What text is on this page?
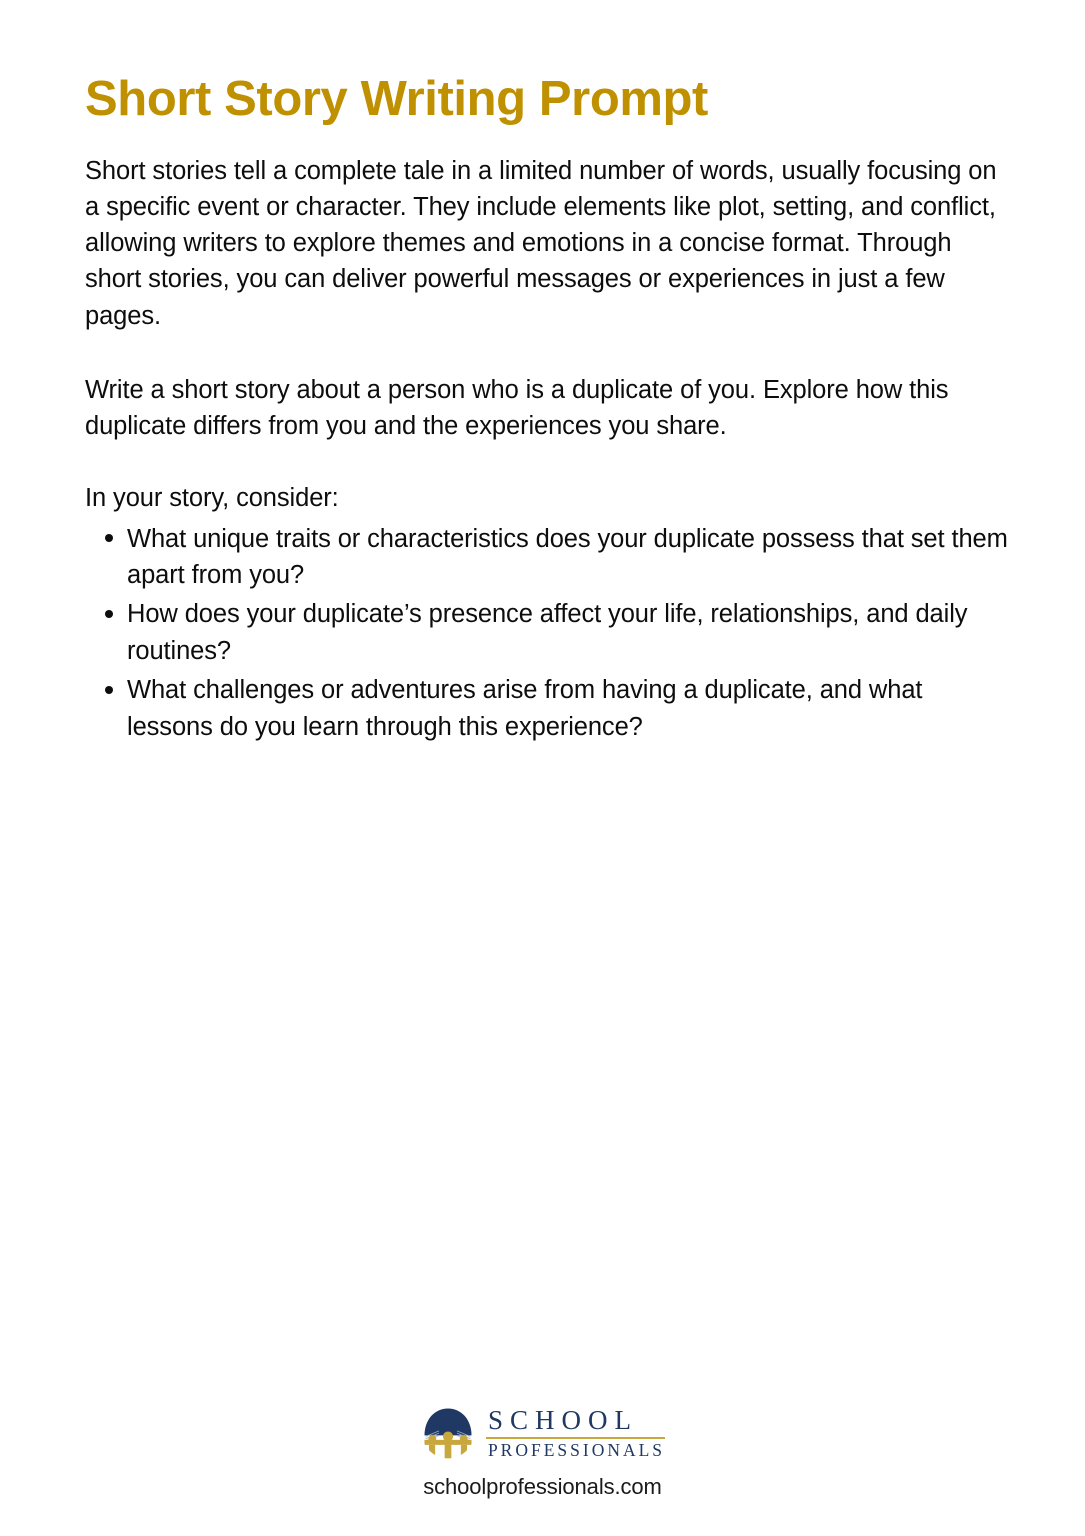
Short Story Writing Prompt

Short stories tell a complete tale in a limited number of words, usually focusing on a specific event or character. They include elements like plot, setting, and conflict, allowing writers to explore themes and emotions in a concise format. Through short stories, you can deliver powerful messages or experiences in just a few pages.

Write a short story about a person who is a duplicate of you. Explore how this duplicate differs from you and the experiences you share.

In your story, consider:

What unique traits or characteristics does your duplicate possess that set them apart from you?
How does your duplicate’s presence affect your life, relationships, and daily routines?
What challenges or adventures arise from having a duplicate, and what lessons do you learn through this experience?
SCHOOL
PROFESSIONALS
schoolprofessionals.com
